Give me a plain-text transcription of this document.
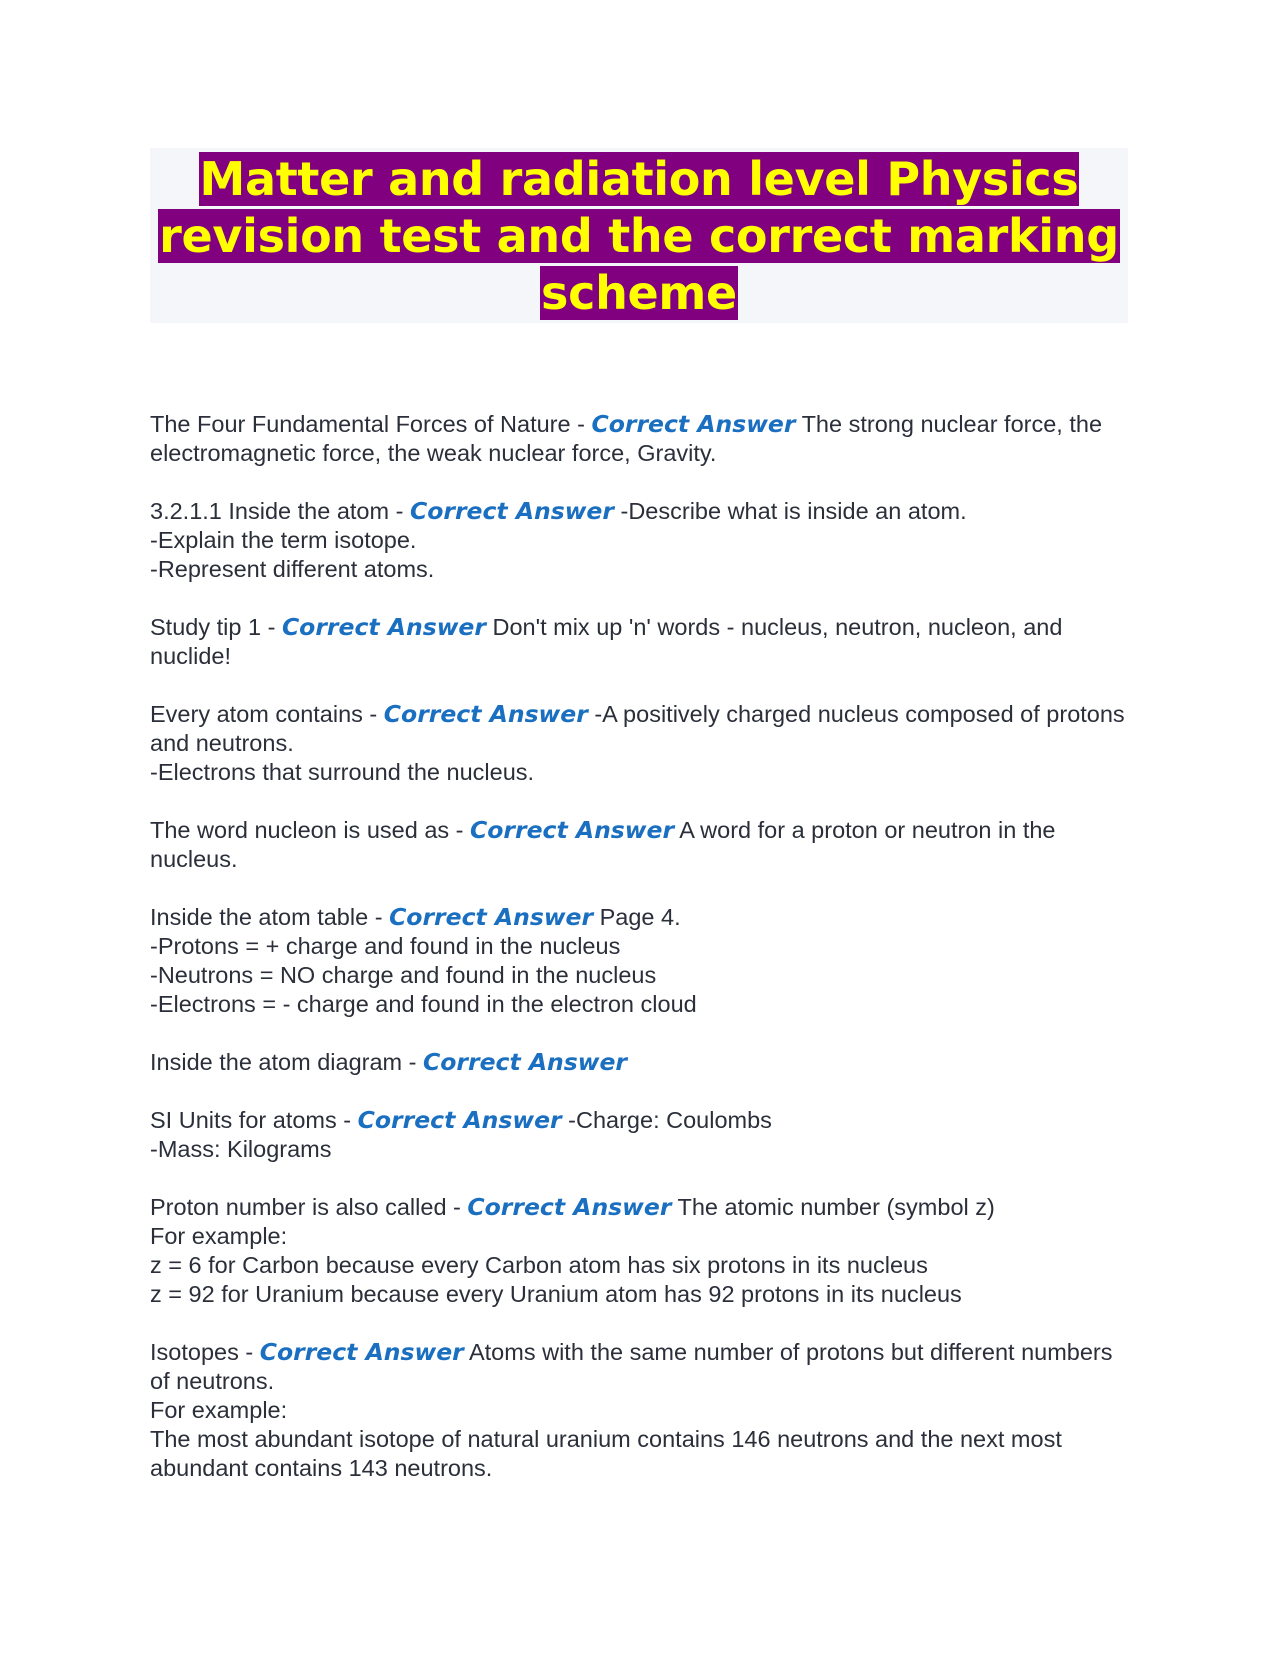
Matter and radiation level Physics revision test and the correct marking scheme
The Four Fundamental Forces of Nature - Correct Answer The strong nuclear force, the electromagnetic force, the weak nuclear force, Gravity.
3.2.1.1 Inside the atom - Correct Answer -Describe what is inside an atom.
-Explain the term isotope.
-Represent different atoms.
Study tip 1 - Correct Answer Don't mix up 'n' words - nucleus, neutron, nucleon, and nuclide!
Every atom contains - Correct Answer -A positively charged nucleus composed of protons and neutrons.
-Electrons that surround the nucleus.
The word nucleon is used as - Correct Answer A word for a proton or neutron in the nucleus.
Inside the atom table - Correct Answer Page 4.
-Protons = + charge and found in the nucleus
-Neutrons = NO charge and found in the nucleus
-Electrons = - charge and found in the electron cloud
Inside the atom diagram - Correct Answer
SI Units for atoms - Correct Answer -Charge: Coulombs
-Mass: Kilograms
Proton number is also called - Correct Answer The atomic number (symbol z)
For example:
z = 6 for Carbon because every Carbon atom has six protons in its nucleus
z = 92 for Uranium because every Uranium atom has 92 protons in its nucleus
Isotopes - Correct Answer Atoms with the same number of protons but different numbers of neutrons.
For example:
The most abundant isotope of natural uranium contains 146 neutrons and the next most abundant contains 143 neutrons.
